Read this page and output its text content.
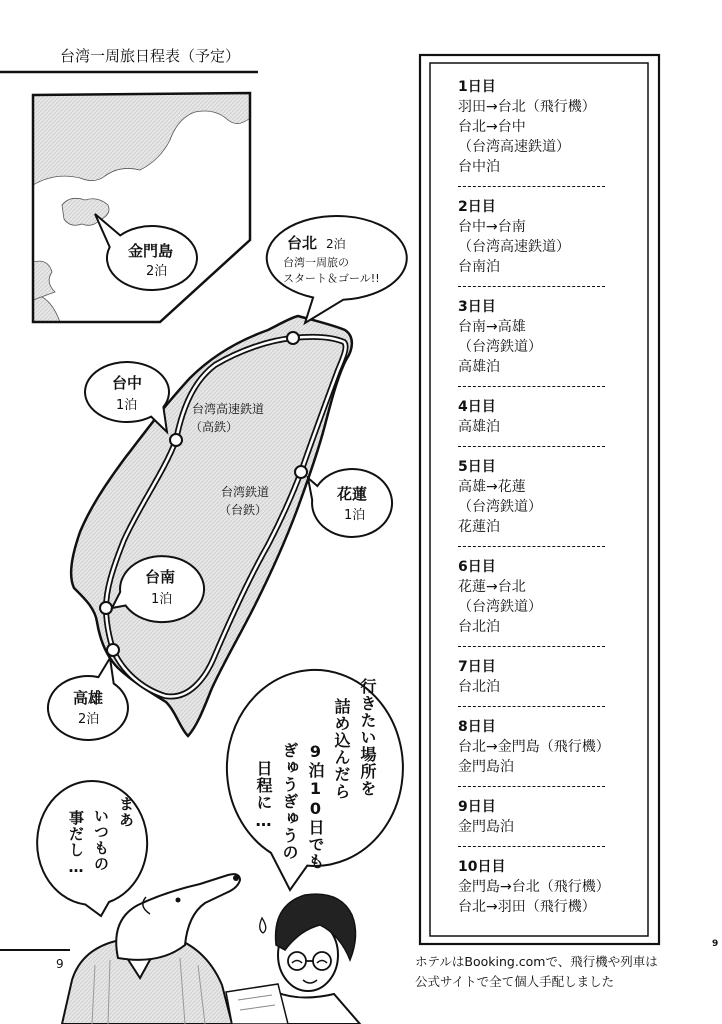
台湾一周旅日程表（予定）
金門島
2泊
台北 2泊
台湾一周旅の
スタート＆ゴール!!
台中
1泊
花蓮
1泊
台南
1泊
高雄
2泊
台湾高速鉄道
（高鉄）
台湾鉄道
（台鉄）
行きたい場所を
詰め込んだら
9泊10日でも
ぎゅうぎゅうの
日程に…
まあ
いつもの
事だし…
1日目
羽田→台北（飛行機）
台北→台中
（台湾高速鉄道）
台中泊
2日目
台中→台南
（台湾高速鉄道）
台南泊
3日目
台南→高雄
（台湾鉄道）
高雄泊
4日目
高雄泊
5日目
高雄→花蓮
（台湾鉄道）
花蓮泊
6日目
花蓮→台北
（台湾鉄道）
台北泊
7日目
台北泊
8日目
台北→金門島（飛行機）
金門島泊
9日目
金門島泊
10日目
金門島→台北（飛行機）
台北→羽田（飛行機）
9
9
ホテルはBooking.comで、飛行機や列車は
公式サイトで全て個人手配しました
